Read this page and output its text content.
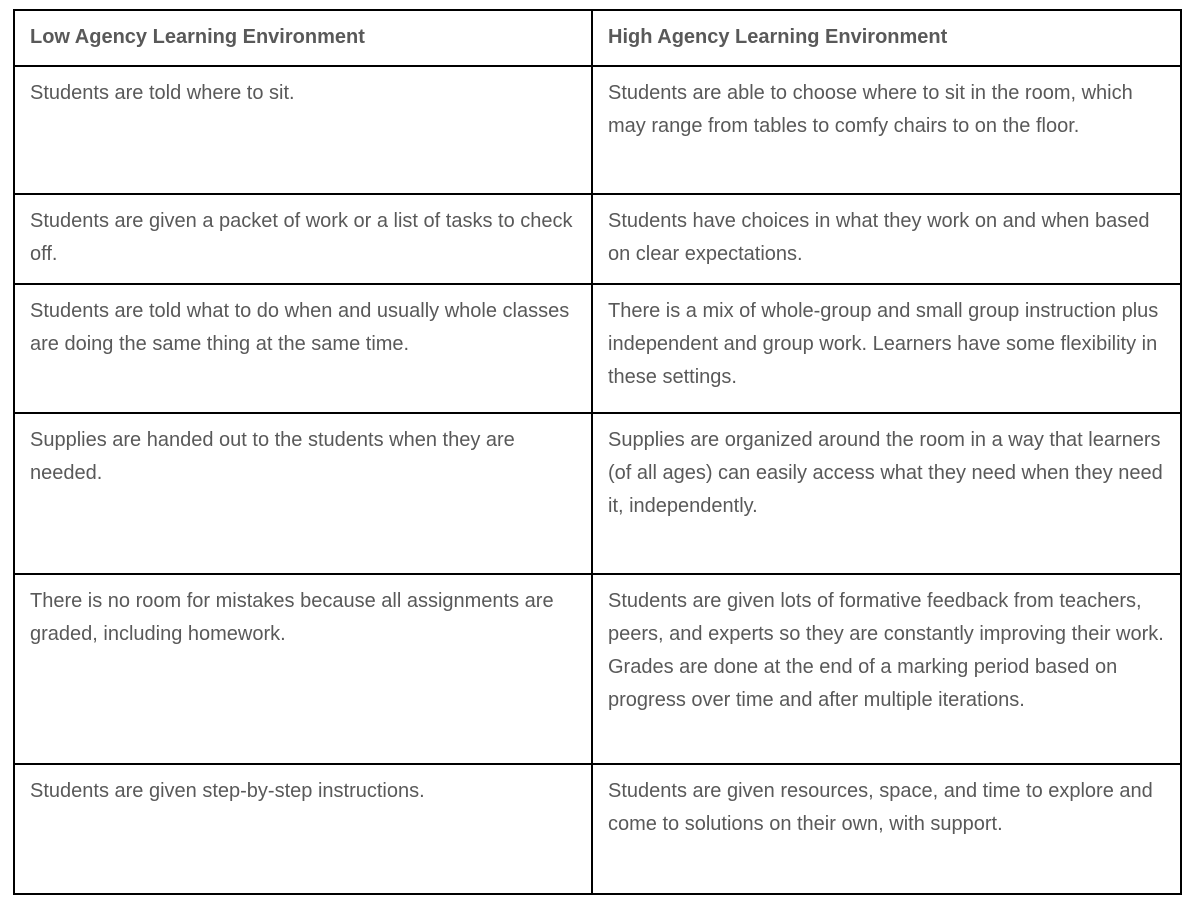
Low Agency Learning Environment	High Agency Learning Environment
Students are told where to sit.	Students are able to choose where to sit in the room, which may range from tables to comfy chairs to on the floor.
Students are given a packet of work or a list of tasks to check off.	Students have choices in what they work on and when based on clear expectations.
Students are told what to do when and usually whole classes are doing the same thing at the same time.	There is a mix of whole-group and small group instruction plus independent and group work. Learners have some flexibility in these settings.
Supplies are handed out to the students when they are needed.	Supplies are organized around the room in a way that learners (of all ages) can easily access what they need when they need it, independently.
There is no room for mistakes because all assignments are graded, including homework.	Students are given lots of formative feedback from teachers, peers, and experts so they are constantly improving their work. Grades are done at the end of a marking period based on progress over time and after multiple iterations.
Students are given step-by-step instructions.	Students are given resources, space, and time to explore and come to solutions on their own, with support.
